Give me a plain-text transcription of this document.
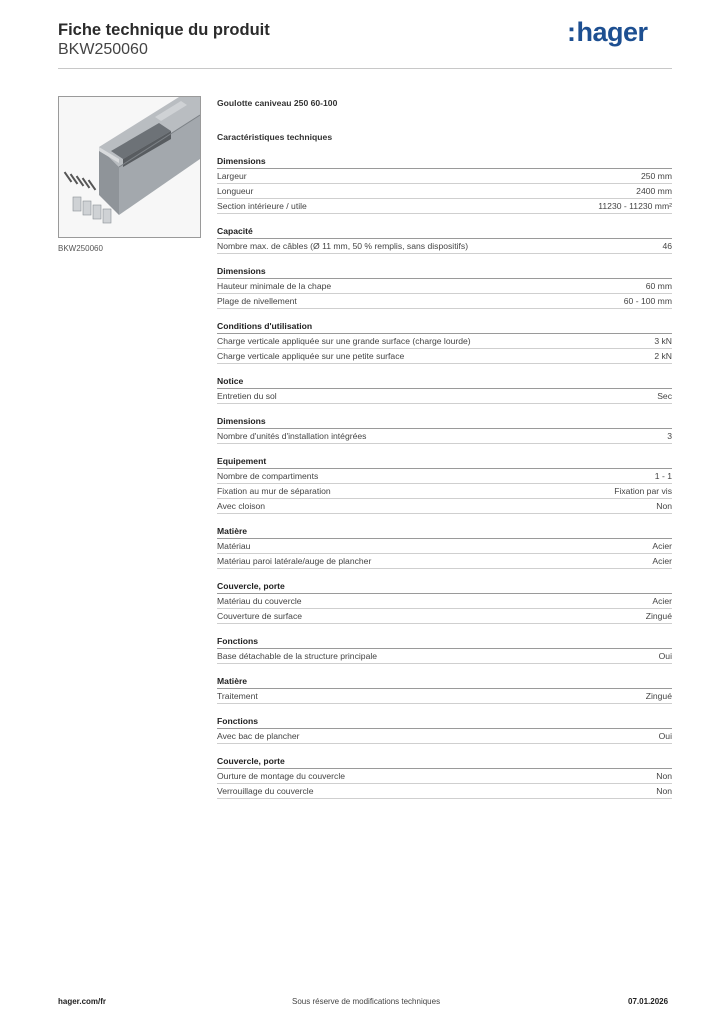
Fiche technique du produit
BKW250060
:hager
BKW250060
Goulotte caniveau 250 60-100
Caractéristiques techniques
Dimensions
Largeur	250 mm
Longueur	2400 mm
Section intérieure / utile	11230 - 11230 mm²
Capacité
Nombre max. de câbles (Ø 11 mm, 50 % remplis, sans dispositifs)	46
Dimensions
Hauteur minimale de la chape	60 mm
Plage de nivellement	60 - 100 mm
Conditions d'utilisation
Charge verticale appliquée sur une grande surface (charge lourde)	3 kN
Charge verticale appliquée sur une petite surface	2 kN
Notice
Entretien du sol	Sec
Dimensions
Nombre d'unités d'installation intégrées	3
Equipement
Nombre de compartiments	1 - 1
Fixation au mur de séparation	Fixation par vis
Avec cloison	Non
Matière
Matériau	Acier
Matériau paroi latérale/auge de plancher	Acier
Couvercle, porte
Matériau du couvercle	Acier
Couverture de surface	Zingué
Fonctions
Base détachable de la structure principale	Oui
Matière
Traitement	Zingué
Fonctions
Avec bac de plancher	Oui
Couvercle, porte
Ourture de montage du couvercle	Non
Verrouillage du couvercle	Non
hager.com/fr	Sous réserve de modifications techniques	07.01.2026
